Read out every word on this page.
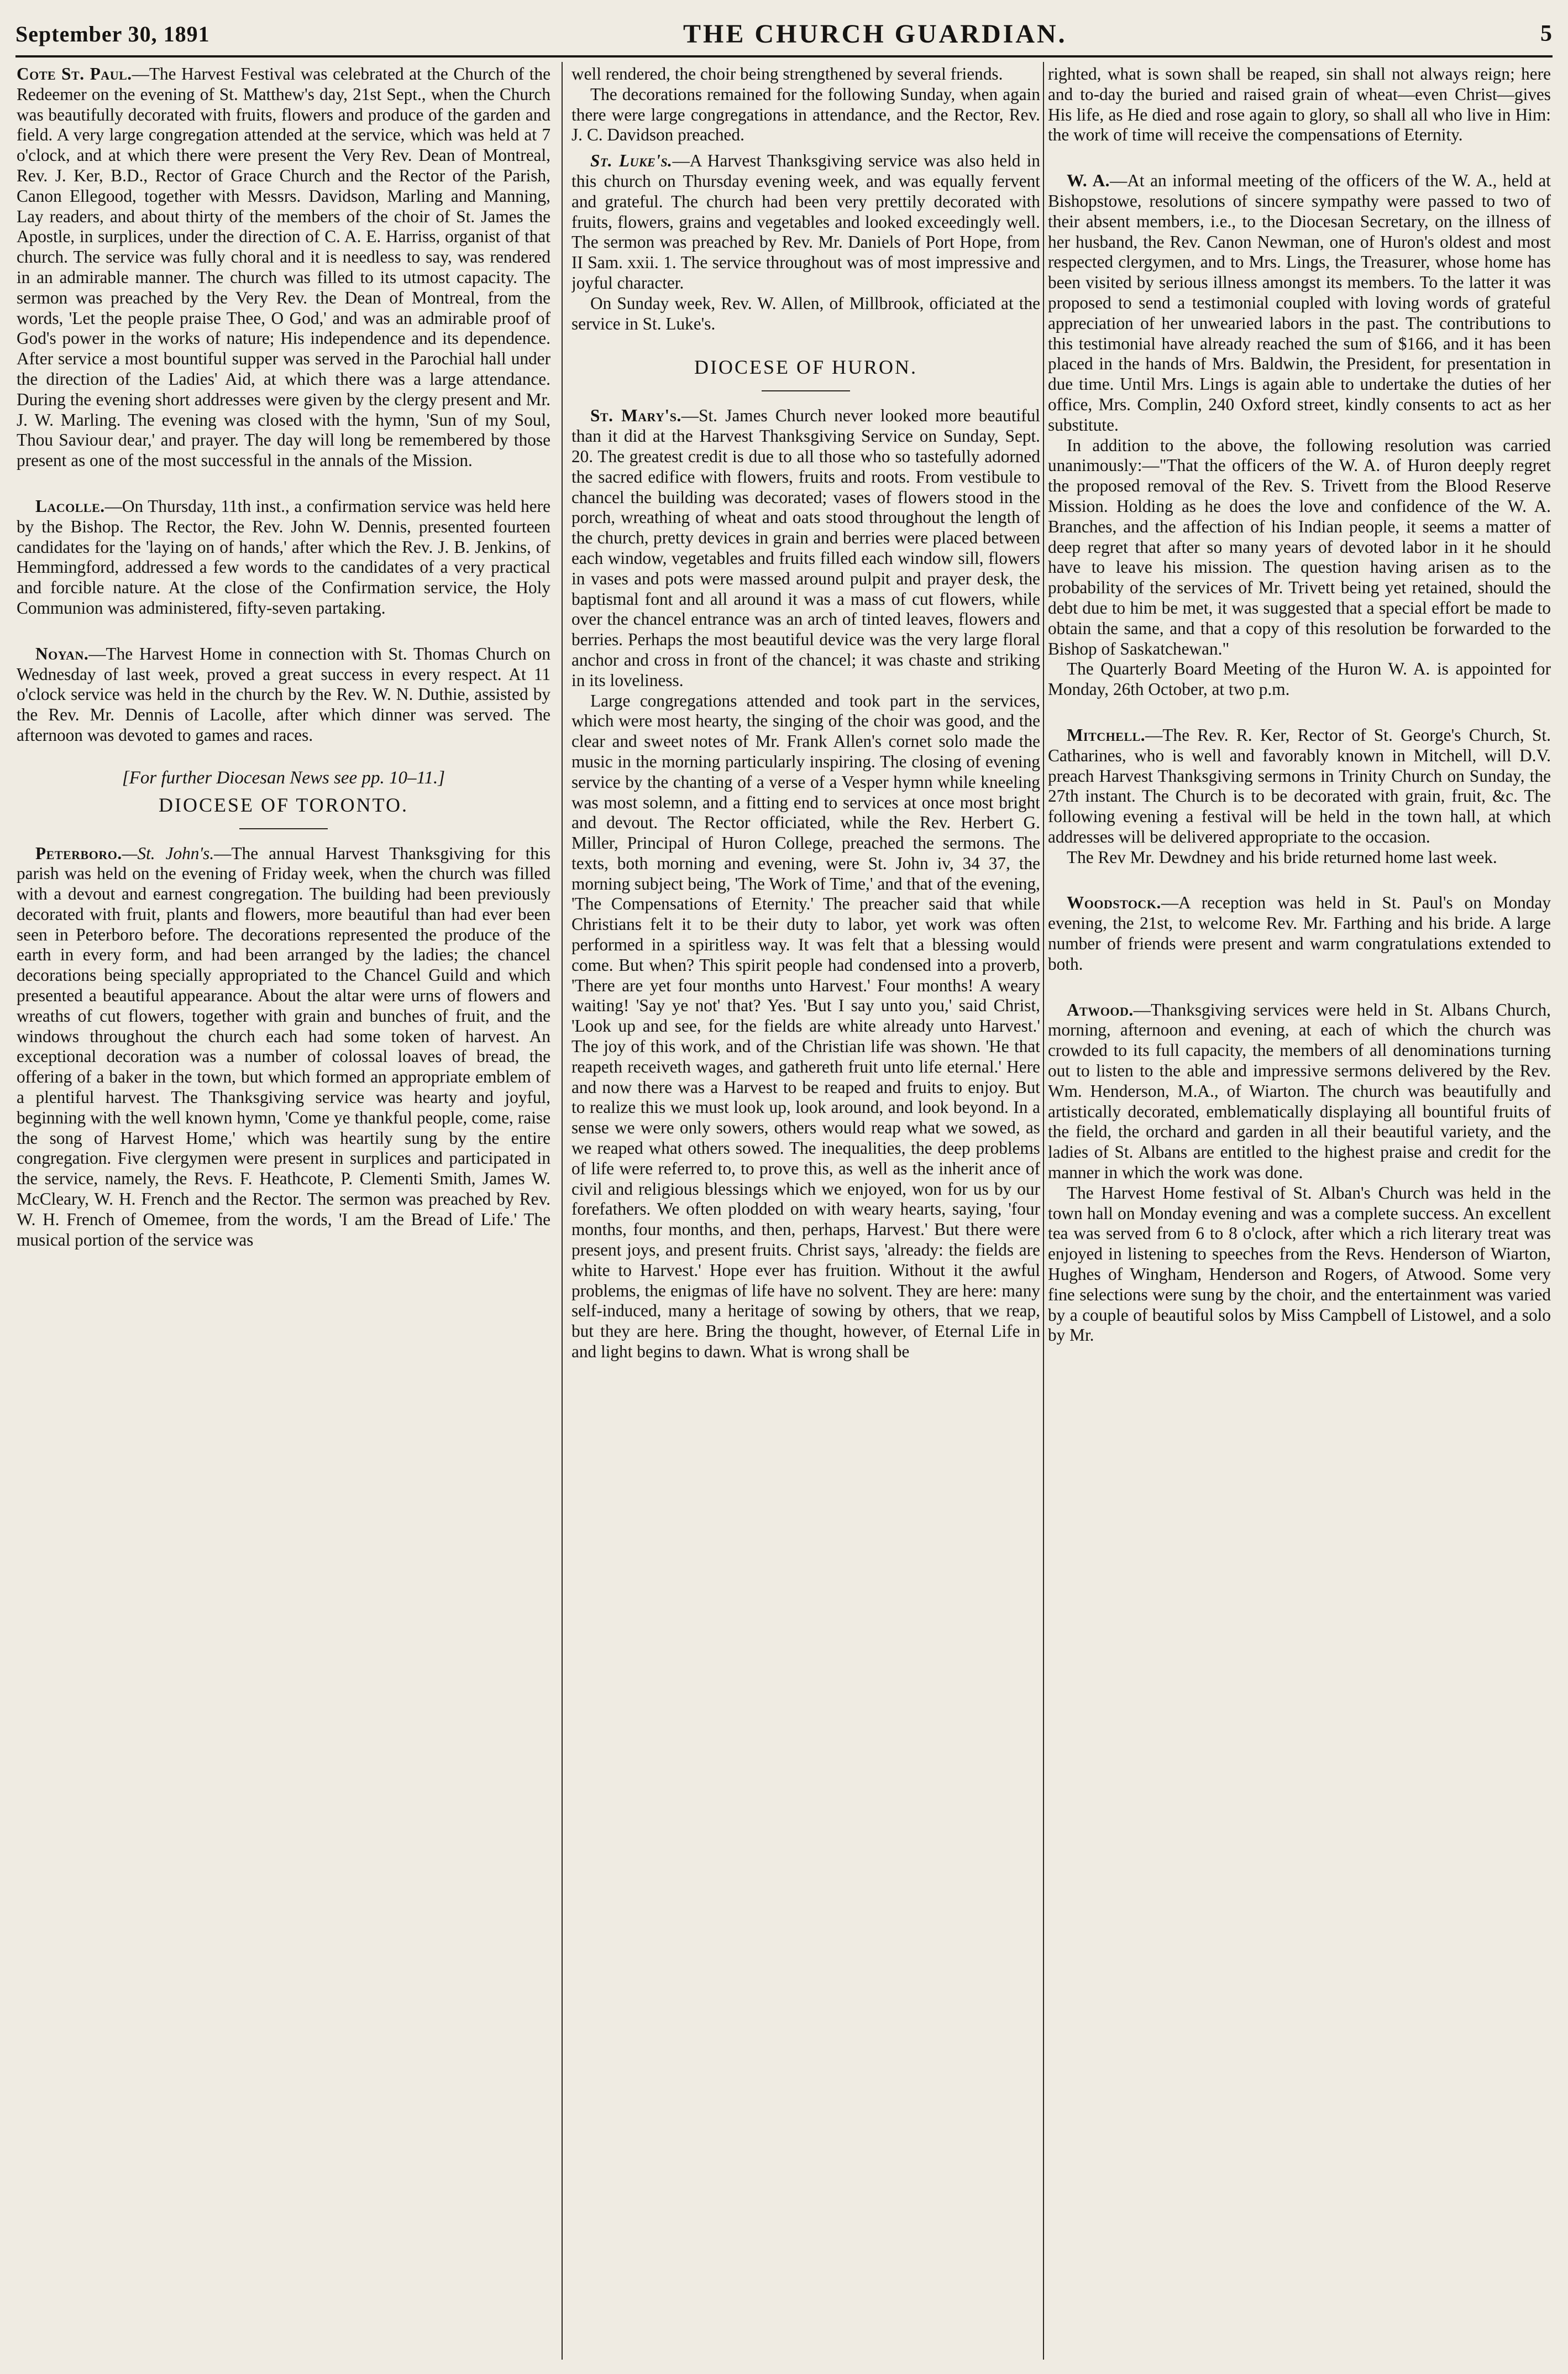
September 30, 1891	THE CHURCH GUARDIAN.	5

Cote St. Paul.—The Harvest Festival was celebrated at the Church of the Redeemer on the evening of St. Matthew's day, 21st Sept., when the Church was beautifully decorated with fruits, flowers and produce of the garden and field. A very large congregation attended at the service, which was held at 7 o'clock, and at which there were present the Very Rev. Dean of Montreal, Rev. J. Ker, B.D., Rector of Grace Church and the Rector of the Parish, Canon Ellegood, together with Messrs. Davidson, Marling and Manning, Lay readers, and about thirty of the members of the choir of St. James the Apostle, in surplices, under the direction of C. A. E. Harriss, organist of that church. The service was fully choral and it is needless to say, was rendered in an admirable manner. The church was filled to its utmost capacity. The sermon was preached by the Very Rev. the Dean of Montreal, from the words, 'Let the people praise Thee, O God,' and was an admirable proof of God's power in the works of nature; His independence and its dependence. After service a most bountiful supper was served in the Parochial hall under the direction of the Ladies' Aid, at which there was a large attendance. During the evening short addresses were given by the clergy present and Mr. J. W. Marling. The evening was closed with the hymn, 'Sun of my Soul, Thou Saviour dear,' and prayer. The day will long be remembered by those present as one of the most successful in the annals of the Mission.

Lacolle.—On Thursday, 11th inst., a confirmation service was held here by the Bishop. The Rector, the Rev. John W. Dennis, presented fourteen candidates for the 'laying on of hands,' after which the Rev. J. B. Jenkins, of Hemmingford, addressed a few words to the candidates of a very practical and forcible nature. At the close of the Confirmation service, the Holy Communion was administered, fifty-seven partaking.

Noyan.—The Harvest Home in connection with St. Thomas Church on Wednesday of last week, proved a great success in every respect. At 11 o'clock service was held in the church by the Rev. W. N. Duthie, assisted by the Rev. Mr. Dennis of Lacolle, after which dinner was served. The afternoon was devoted to games and races.

[For further Diocesan News see pp. 10–11.]
DIOCESE OF TORONTO.

Peterboro.—St. John's.—The annual Harvest Thanksgiving for this parish was held on the evening of Friday week, when the church was filled with a devout and earnest congregation. The building had been previously decorated with fruit, plants and flowers, more beautiful than had ever been seen in Peterboro before. The decorations represented the produce of the earth in every form, and had been arranged by the ladies; the chancel decorations being specially appropriated to the Chancel Guild and which presented a beautiful appearance. About the altar were urns of flowers and wreaths of cut flowers, together with grain and bunches of fruit, and the windows throughout the church each had some token of harvest. An exceptional decoration was a number of colossal loaves of bread, the offering of a baker in the town, but which formed an appropriate emblem of a plentiful harvest. The Thanksgiving service was hearty and joyful, beginning with the well known hymn, 'Come ye thankful people, come, raise the song of Harvest Home,' which was heartily sung by the entire congregation. Five clergymen were present in surplices and participated in the service, namely, the Revs. F. Heathcote, P. Clementi Smith, James W. McCleary, W. H. French and the Rector. The sermon was preached by Rev. W. H. French of Omemee, from the words, 'I am the Bread of Life.' The musical portion of the service was

well rendered, the choir being strengthened by several friends.

The decorations remained for the following Sunday, when again there were large congregations in attendance, and the Rector, Rev. J. C. Davidson preached.

St. Luke's.—A Harvest Thanksgiving service was also held in this church on Thursday evening week, and was equally fervent and grateful. The church had been very prettily decorated with fruits, flowers, grains and vegetables and looked exceedingly well. The sermon was preached by Rev. Mr. Daniels of Port Hope, from II Sam. xxii. 1. The service throughout was of most impressive and joyful character.

On Sunday week, Rev. W. Allen, of Millbrook, officiated at the service in St. Luke's.

DIOCESE OF HURON.

St. Mary's.—St. James Church never looked more beautiful than it did at the Harvest Thanksgiving Service on Sunday, Sept. 20. The greatest credit is due to all those who so tastefully adorned the sacred edifice with flowers, fruits and roots. From vestibule to chancel the building was decorated; vases of flowers stood in the porch, wreathing of wheat and oats stood throughout the length of the church, pretty devices in grain and berries were placed between each window, vegetables and fruits filled each window sill, flowers in vases and pots were massed around pulpit and prayer desk, the baptismal font and all around it was a mass of cut flowers, while over the chancel entrance was an arch of tinted leaves, flowers and berries. Perhaps the most beautiful device was the very large floral anchor and cross in front of the chancel; it was chaste and striking in its loveliness.

Large congregations attended and took part in the services, which were most hearty, the singing of the choir was good, and the clear and sweet notes of Mr. Frank Allen's cornet solo made the music in the morning particularly inspiring. The closing of evening service by the chanting of a verse of a Vesper hymn while kneeling was most solemn, and a fitting end to services at once most bright and devout. The Rector officiated, while the Rev. Herbert G. Miller, Principal of Huron College, preached the sermons. The texts, both morning and evening, were St. John iv, 34 37, the morning subject being, 'The Work of Time,' and that of the evening, 'The Compensations of Eternity.' The preacher said that while Christians felt it to be their duty to labor, yet work was often performed in a spiritless way. It was felt that a blessing would come. But when? This spirit people had condensed into a proverb, 'There are yet four months unto Harvest.' Four months! A weary waiting! 'Say ye not' that? Yes. 'But I say unto you,' said Christ, 'Look up and see, for the fields are white already unto Harvest.' The joy of this work, and of the Christian life was shown. 'He that reapeth receiveth wages, and gathereth fruit unto life eternal.' Here and now there was a Harvest to be reaped and fruits to enjoy. But to realize this we must look up, look around, and look beyond. In a sense we were only sowers, others would reap what we sowed, as we reaped what others sowed. The inequalities, the deep problems of life were referred to, to prove this, as well as the inherit ance of civil and religious blessings which we enjoyed, won for us by our forefathers. We often plodded on with weary hearts, saying, 'four months, four months, and then, perhaps, Harvest.' But there were present joys, and present fruits. Christ says, 'already: the fields are white to Harvest.' Hope ever has fruition. Without it the awful problems, the enigmas of life have no solvent. They are here: many self-induced, many a heritage of sowing by others, that we reap, but they are here. Bring the thought, however, of Eternal Life in and light begins to dawn. What is wrong shall be

righted, what is sown shall be reaped, sin shall not always reign; here and to-day the buried and raised grain of wheat—even Christ—gives His life, as He died and rose again to glory, so shall all who live in Him: the work of time will receive the compensations of Eternity.

W. A.—At an informal meeting of the officers of the W. A., held at Bishopstowe, resolutions of sincere sympathy were passed to two of their absent members, i.e., to the Diocesan Secretary, on the illness of her husband, the Rev. Canon Newman, one of Huron's oldest and most respected clergymen, and to Mrs. Lings, the Treasurer, whose home has been visited by serious illness amongst its members. To the latter it was proposed to send a testimonial coupled with loving words of grateful appreciation of her unwearied labors in the past. The contributions to this testimonial have already reached the sum of $166, and it has been placed in the hands of Mrs. Baldwin, the President, for presentation in due time. Until Mrs. Lings is again able to undertake the duties of her office, Mrs. Complin, 240 Oxford street, kindly consents to act as her substitute.

In addition to the above, the following resolution was carried unanimously:—"That the officers of the W. A. of Huron deeply regret the proposed removal of the Rev. S. Trivett from the Blood Reserve Mission. Holding as he does the love and confidence of the W. A. Branches, and the affection of his Indian people, it seems a matter of deep regret that after so many years of devoted labor in it he should have to leave his mission. The question having arisen as to the probability of the services of Mr. Trivett being yet retained, should the debt due to him be met, it was suggested that a special effort be made to obtain the same, and that a copy of this resolution be forwarded to the Bishop of Saskatchewan."

The Quarterly Board Meeting of the Huron W. A. is appointed for Monday, 26th October, at two p.m.

Mitchell.—The Rev. R. Ker, Rector of St. George's Church, St. Catharines, who is well and favorably known in Mitchell, will D.V. preach Harvest Thanksgiving sermons in Trinity Church on Sunday, the 27th instant. The Church is to be decorated with grain, fruit, &c. The following evening a festival will be held in the town hall, at which addresses will be delivered appropriate to the occasion.

The Rev Mr. Dewdney and his bride returned home last week.

Woodstock.—A reception was held in St. Paul's on Monday evening, the 21st, to welcome Rev. Mr. Farthing and his bride. A large number of friends were present and warm congratulations extended to both.

Atwood.—Thanksgiving services were held in St. Albans Church, morning, afternoon and evening, at each of which the church was crowded to its full capacity, the members of all denominations turning out to listen to the able and impressive sermons delivered by the Rev. Wm. Henderson, M.A., of Wiarton. The church was beautifully and artistically decorated, emblematically displaying all bountiful fruits of the field, the orchard and garden in all their beautiful variety, and the ladies of St. Albans are entitled to the highest praise and credit for the manner in which the work was done.

The Harvest Home festival of St. Alban's Church was held in the town hall on Monday evening and was a complete success. An excellent tea was served from 6 to 8 o'clock, after which a rich literary treat was enjoyed in listening to speeches from the Revs. Henderson of Wiarton, Hughes of Wingham, Henderson and Rogers, of Atwood. Some very fine selections were sung by the choir, and the entertainment was varied by a couple of beautiful solos by Miss Campbell of Listowel, and a solo by Mr.
